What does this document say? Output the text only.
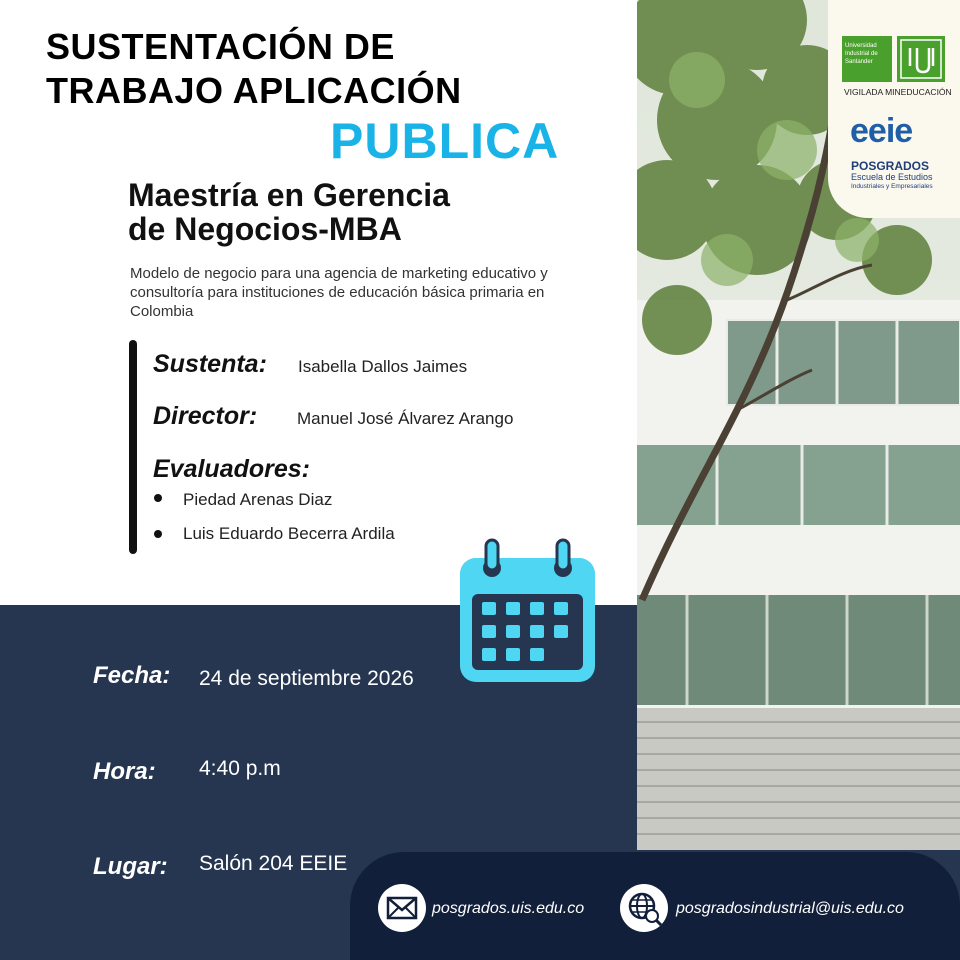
Universidad Industrial de Santander
VIGILADA MINEDUCACIÓN
eeie
POSGRADOS
Escuela de Estudios
Industriales y Empresariales
SUSTENTACIÓN DE
TRABAJO APLICACIÓN
PUBLICA
Maestría en Gerencia
de Negocios-MBA
Modelo de negocio para una agencia de marketing educativo y consultoría para instituciones de educación básica primaria en Colombia
Sustenta: Isabella Dallos Jaimes
Director: Manuel José Álvarez Arango
Evaluadores:
Piedad Arenas Diaz
Luis Eduardo Becerra Ardila
Fecha: 24 de septiembre 2026
Hora: 4:40 p.m
Lugar: Salón 204 EEIE
posgrados.uis.edu.co	posgradosindustrial@uis.edu.co
